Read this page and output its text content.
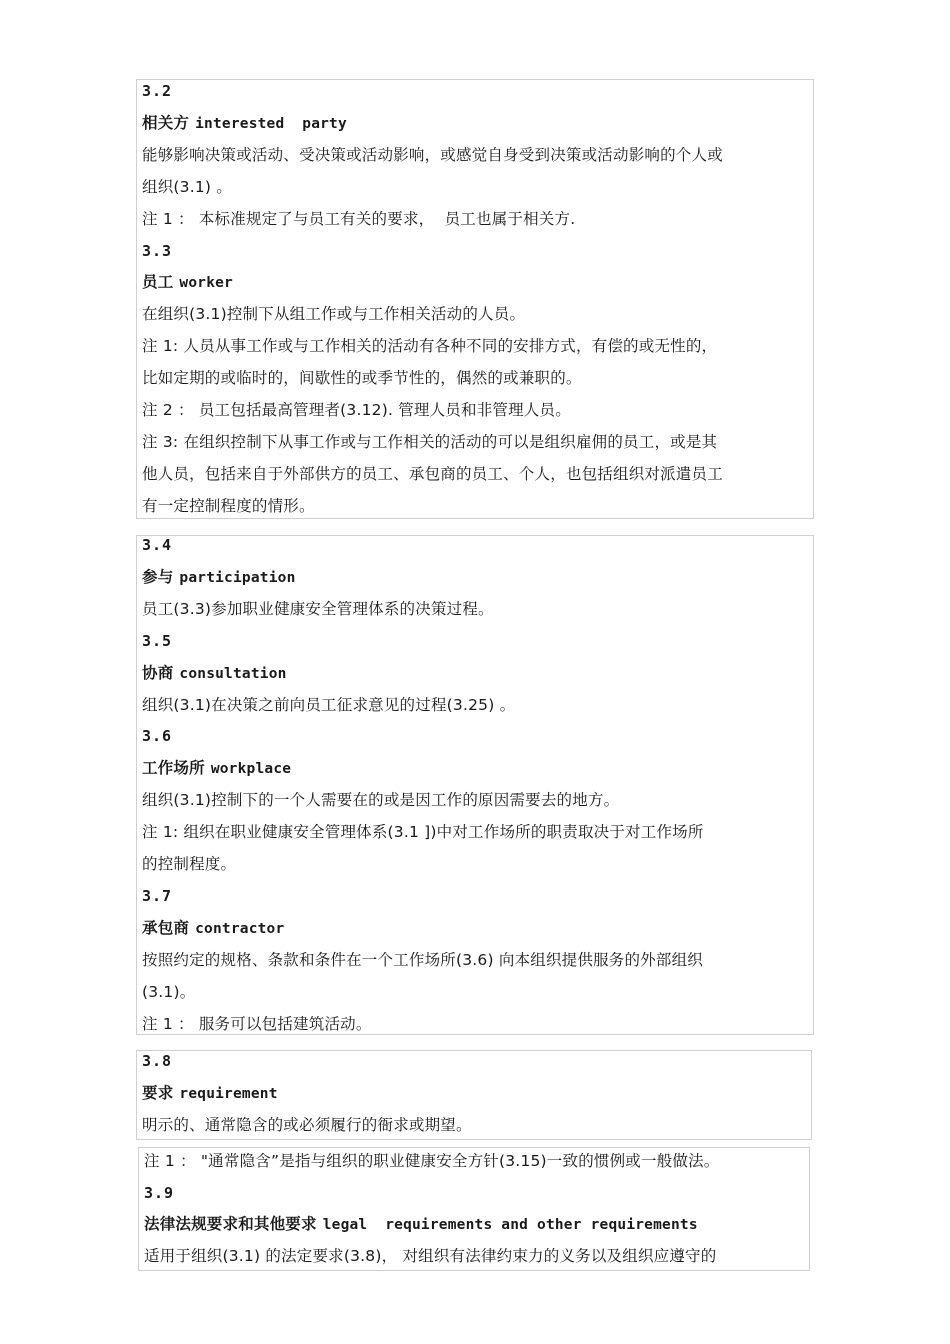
3.2
相关方 interested  party
能够影响决策或活动、受决策或活动影响，或感觉自身受到决策或活动影响的个人或
组织(3.1) 。
注 1 ： 本标准规定了与员工有关的要求，  员工也属于相关方.
3.3
员工 worker
在组织(3.1)控制下从组工作或与工作相关活动的人员。
注 1: 人员从事工作或与工作相关的活动有各种不同的安排方式，有偿的或无性的，
比如定期的或临时的，间歇性的或季节性的，偶然的或兼职的。
注 2 ： 员工包括最高管理者(3.12). 管理人员和非管理人员。
注 3: 在组织控制下从事工作或与工作相关的活动的可以是组织雇佣的员工，或是其
他人员，包括来自于外部供方的员工、承包商的员工、个人，也包括组织对派遣员工
有一定控制程度的情形。
3.4
参与 participation
员工(3.3)参加职业健康安全管理体系的决策过程。
3.5
协商 consultation
组织(3.1)在决策之前向员工征求意见的过程(3.25) 。
3.6
工作场所 workplace
组织(3.1)控制下的一个人需要在的或是因工作的原因需要去的地方。
注 1: 组织在职业健康安全管理体系(3.1 ])中对工作场所的职责取决于对工作场所
的控制程度。
3.7
承包商 contractor
按照约定的规格、条款和条件在一个工作场所(3.6) 向本组织提供服务的外部组织
(3.1)。
注 1 ： 服务可以包括建筑活动。
3.8
要求 requirement
明示的、通常隐含的或必须履行的衙求或期望。
注 1 ： "通常隐含”是指与组织的职业健康安全方针(3.15)一致的惯例或一般做法。
3.9
法律法规要求和其他要求 legal  requirements and other requirements
适用于组织(3.1) 的法定要求(3.8)， 对组织有法律约束力的义务以及组织应遵守的
